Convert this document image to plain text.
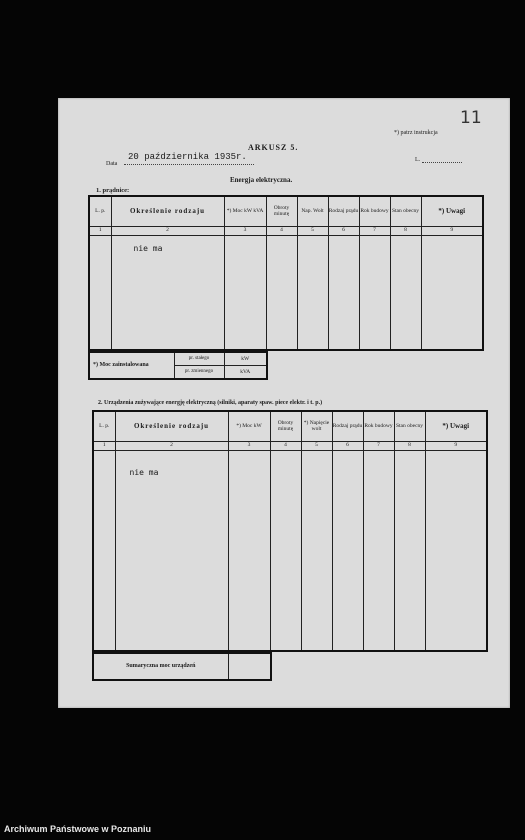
11
*) patrz instrukcja
ARKUSZ 5.
Data
20 października 1935r.	L.
Energja elektryczna.
1. prądnice:
L. p.	Określenie rodzaju	*) Moc kW kVA	Obroty minutę	Nap. Wolt	Rodzaj prądu	Rok budowy	Stan obecny	*) Uwagi
1	2	3	4	5	6	7	8	9
	nie ma							
*) Moc zainstalowana	pr. stałego	kW
	pr. zmiennego	kVA
2. Urządzenia zużywające energję elektryczną (silniki, aparaty spaw. piece elektr. i t. p.)
L. p.	Określenie rodzaju	*) Moc kW	Obroty minutę	*) Napięcie wolt	Rodzaj prądu	Rok budowy	Stan obecny	*) Uwagi
1	2	3	4	5	6	7	8	9
	nie ma							
Sumaryczna moc urządzeń	
Archiwum Państwowe w Poznaniu
